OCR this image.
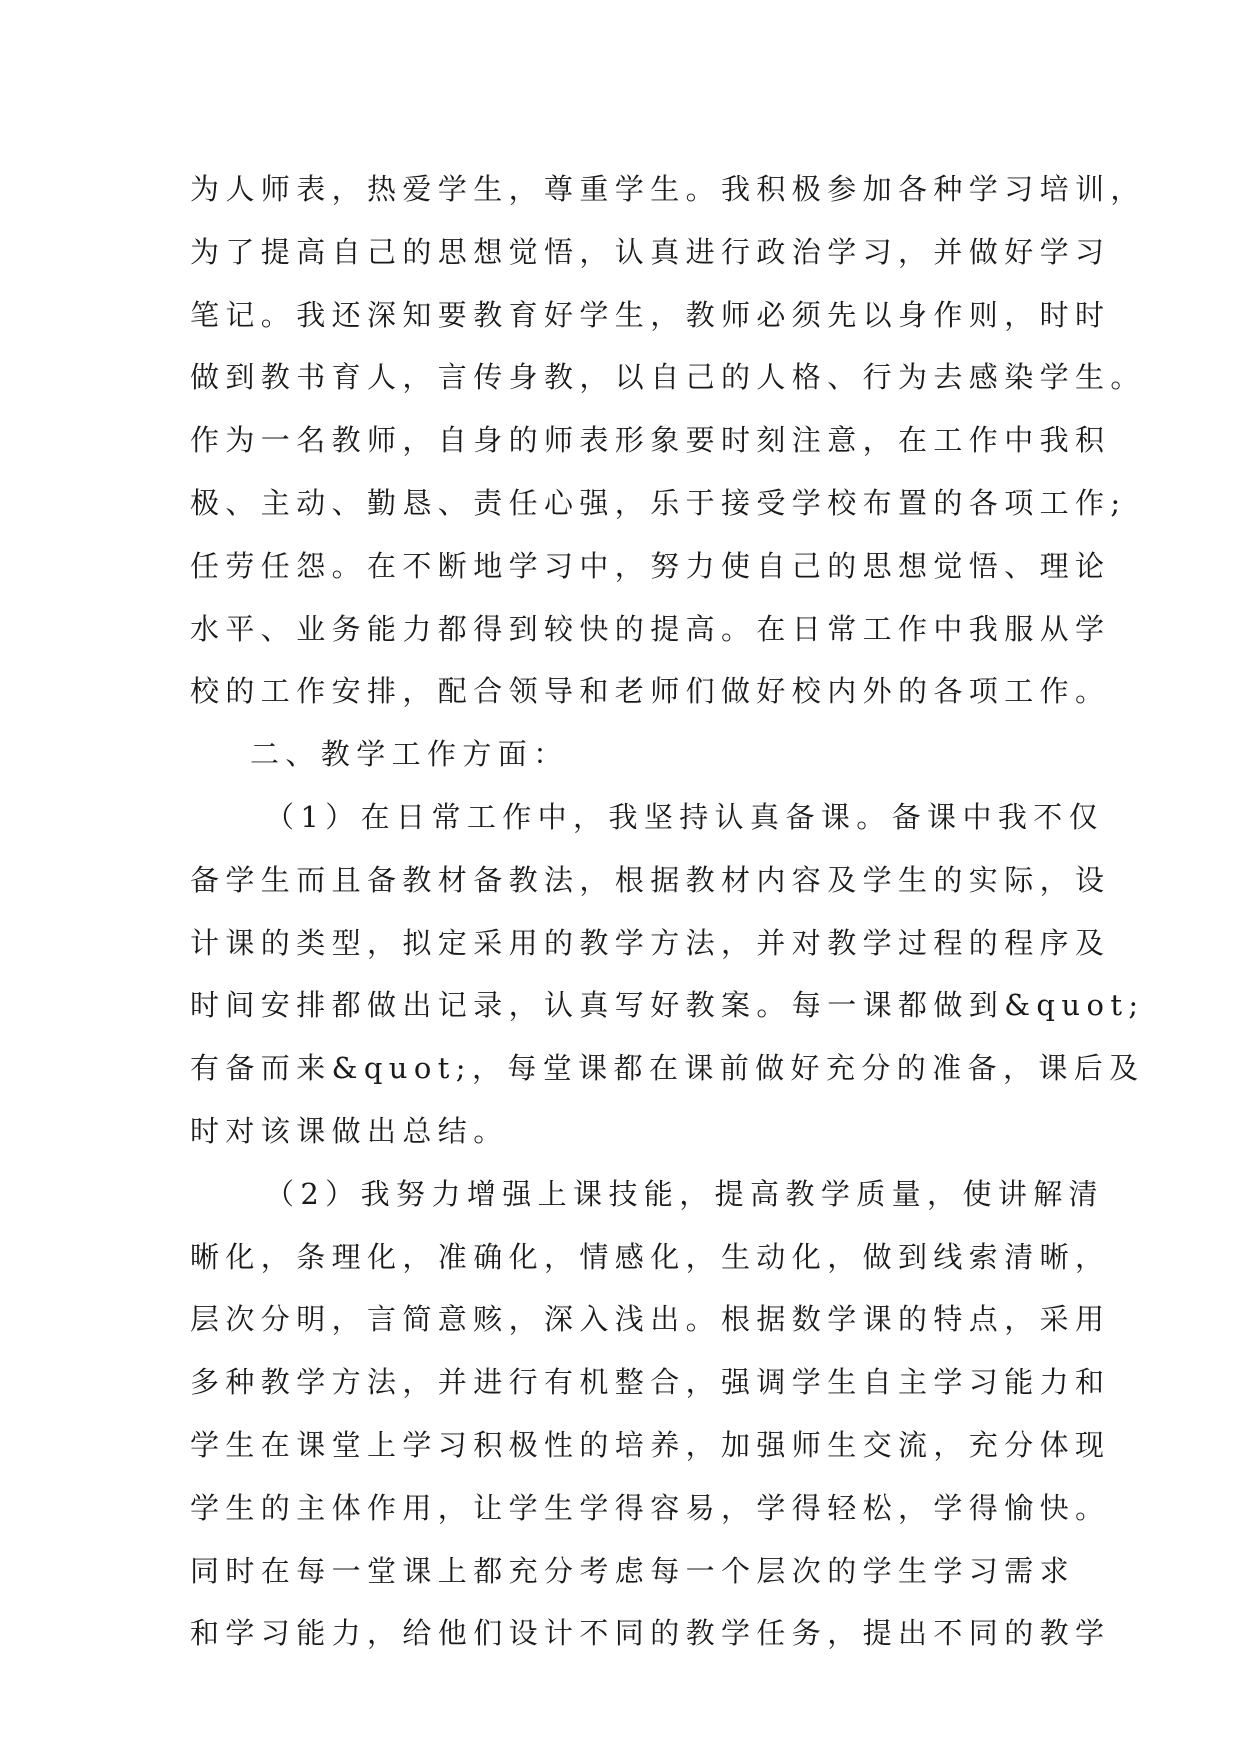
为人师表，热爱学生，尊重学生。我积极参加各种学习培训，
为了提高自己的思想觉悟，认真进行政治学习，并做好学习
笔记。我还深知要教育好学生，教师必须先以身作则，时时
做到教书育人，言传身教，以自己的人格、行为去感染学生。
作为一名教师，自身的师表形象要时刻注意，在工作中我积
极、主动、勤恳、责任心强，乐于接受学校布置的各项工作;
任劳任怨。在不断地学习中，努力使自己的思想觉悟、理论
水平、业务能力都得到较快的提高。在日常工作中我服从学
校的工作安排，配合领导和老师们做好校内外的各项工作。
二、教学工作方面：
（1）在日常工作中，我坚持认真备课。备课中我不仅
备学生而且备教材备教法，根据教材内容及学生的实际，设
计课的类型，拟定采用的教学方法，并对教学过程的程序及
时间安排都做出记录，认真写好教案。每一课都做到&quot;
有备而来&quot;，每堂课都在课前做好充分的准备，课后及
时对该课做出总结。
（2）我努力增强上课技能，提高教学质量，使讲解清
晰化，条理化，准确化，情感化，生动化，做到线索清晰，
层次分明，言简意赅，深入浅出。根据数学课的特点，采用
多种教学方法，并进行有机整合，强调学生自主学习能力和
学生在课堂上学习积极性的培养，加强师生交流，充分体现
学生的主体作用，让学生学得容易，学得轻松，学得愉快。
同时在每一堂课上都充分考虑每一个层次的学生学习需求
和学习能力，给他们设计不同的教学任务，提出不同的教学
